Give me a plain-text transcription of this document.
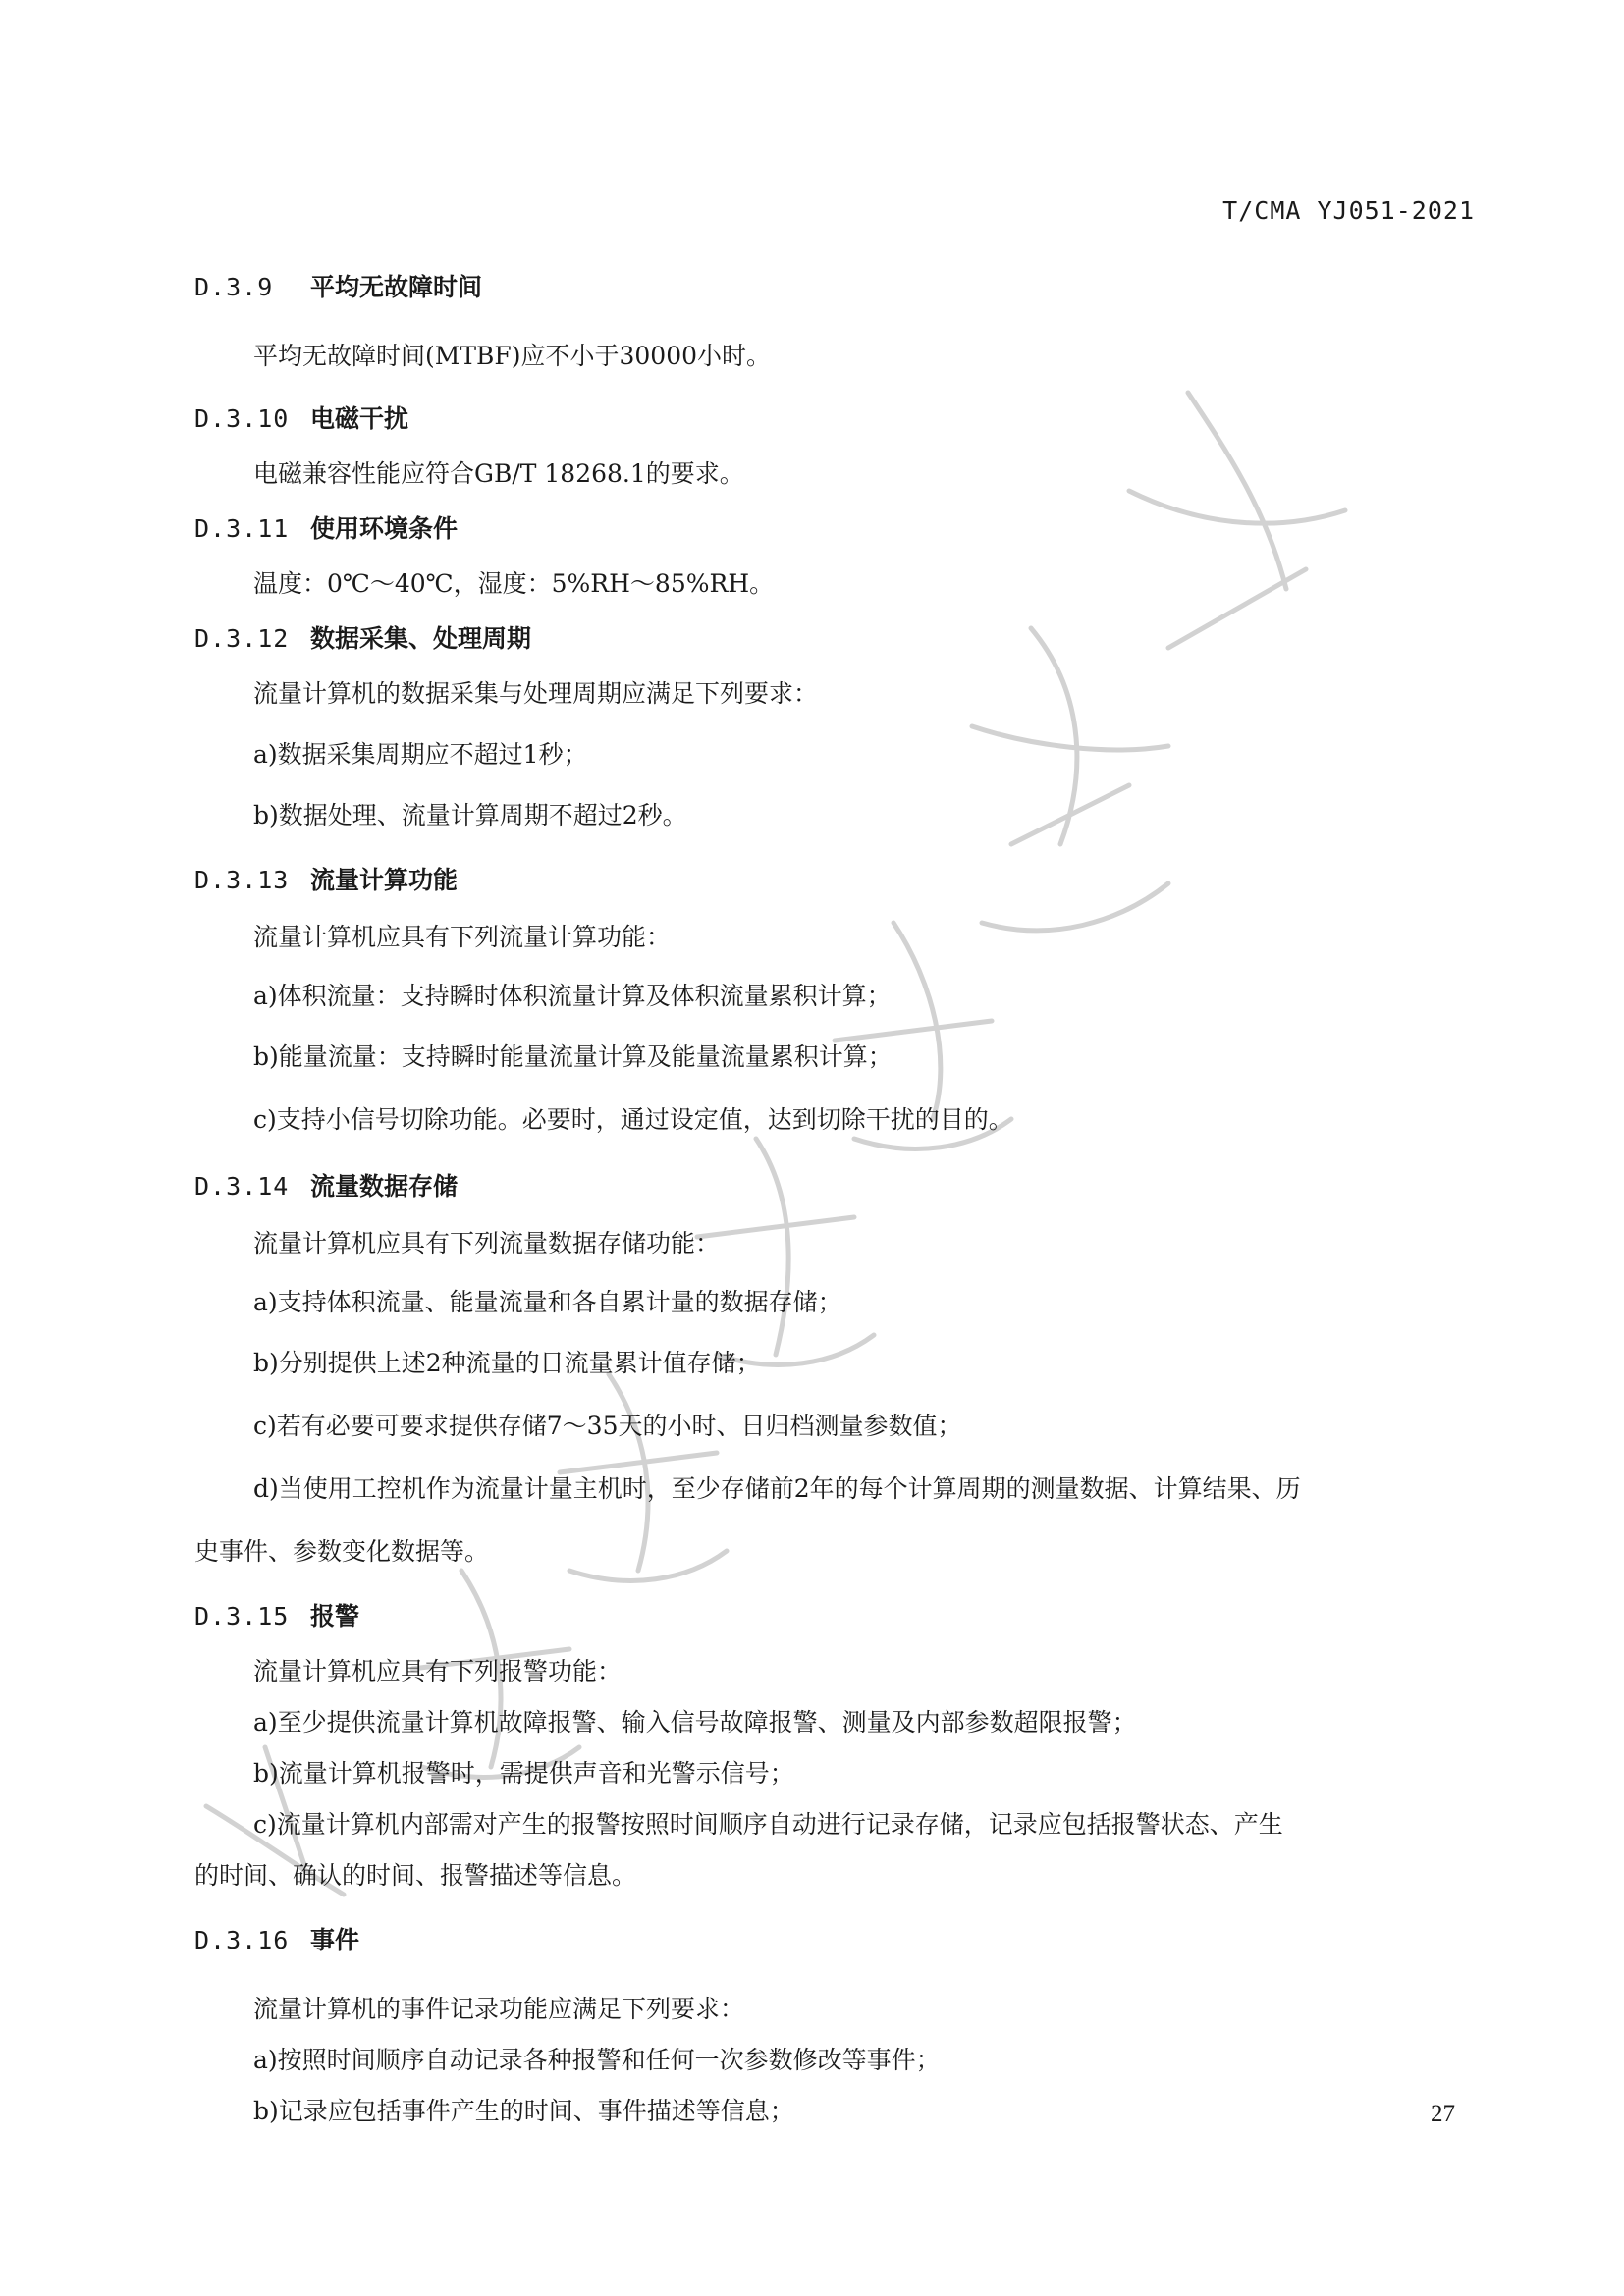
T/CMA YJ051-2021
D.3.9 平均无故障时间
平均无故障时间(MTBF)应不小于30000小时。
D.3.10 电磁干扰
电磁兼容性能应符合GB/T 18268.1的要求。
D.3.11 使用环境条件
温度：0℃～40℃，湿度：5%RH～85%RH。
D.3.12 数据采集、处理周期
流量计算机的数据采集与处理周期应满足下列要求：
a)数据采集周期应不超过1秒；
b)数据处理、流量计算周期不超过2秒。
D.3.13 流量计算功能
流量计算机应具有下列流量计算功能：
a)体积流量：支持瞬时体积流量计算及体积流量累积计算；
b)能量流量：支持瞬时能量流量计算及能量流量累积计算；
c)支持小信号切除功能。必要时，通过设定值，达到切除干扰的目的。
D.3.14 流量数据存储
流量计算机应具有下列流量数据存储功能：
a)支持体积流量、能量流量和各自累计量的数据存储；
b)分别提供上述2种流量的日流量累计值存储；
c)若有必要可要求提供存储7～35天的小时、日归档测量参数值；
d)当使用工控机作为流量计量主机时，至少存储前2年的每个计算周期的测量数据、计算结果、历
史事件、参数变化数据等。
D.3.15 报警
流量计算机应具有下列报警功能：
a)至少提供流量计算机故障报警、输入信号故障报警、测量及内部参数超限报警；
b)流量计算机报警时，需提供声音和光警示信号；
c)流量计算机内部需对产生的报警按照时间顺序自动进行记录存储，记录应包括报警状态、产生
的时间、确认的时间、报警描述等信息。
D.3.16 事件
流量计算机的事件记录功能应满足下列要求：
a)按照时间顺序自动记录各种报警和任何一次参数修改等事件；
b)记录应包括事件产生的时间、事件描述等信息；	27
